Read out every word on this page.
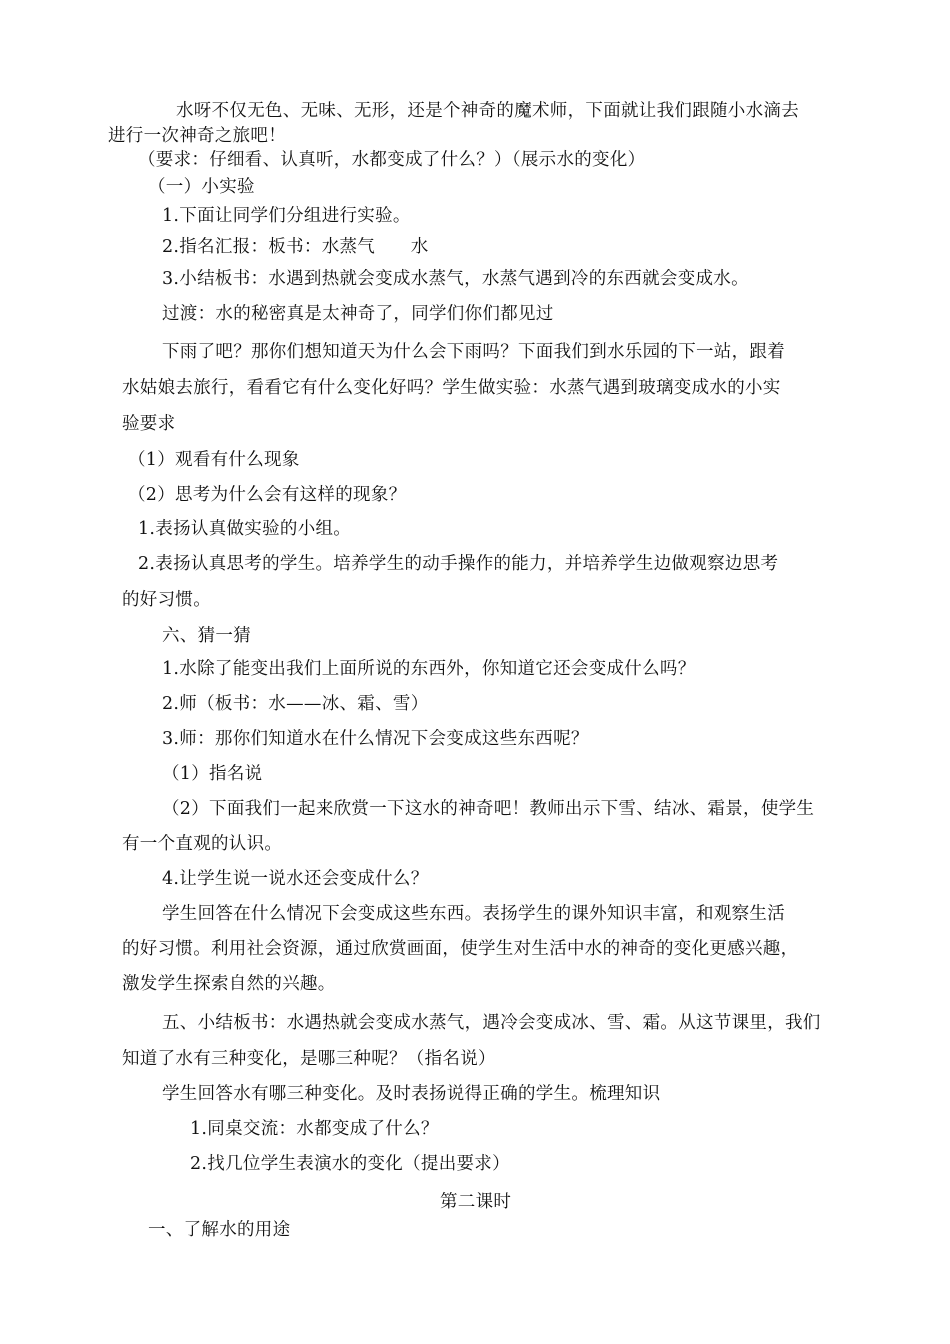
水呀不仅无色、无味、无形，还是个神奇的魔术师，下面就让我们跟随小水滴去
进行一次神奇之旅吧！
（要求：仔细看、认真听，水都变成了什么？）（展示水的变化）
（一）小实验
1.下面让同学们分组进行实验。
2.指名汇报：板书：水蒸气　　水
3.小结板书：水遇到热就会变成水蒸气，水蒸气遇到冷的东西就会变成水。
过渡：水的秘密真是太神奇了，同学们你们都见过
下雨了吧？那你们想知道天为什么会下雨吗？下面我们到水乐园的下一站，跟着
水姑娘去旅行，看看它有什么变化好吗？学生做实验：水蒸气遇到玻璃变成水的小实
验要求
（1）观看有什么现象
（2）思考为什么会有这样的现象？
1.表扬认真做实验的小组。
2.表扬认真思考的学生。培养学生的动手操作的能力，并培养学生边做观察边思考
的好习惯。
六、猜一猜
1.水除了能变出我们上面所说的东西外，你知道它还会变成什么吗？
2.师（板书：水——冰、霜、雪）
3.师：那你们知道水在什么情况下会变成这些东西呢？
（1）指名说
（2）下面我们一起来欣赏一下这水的神奇吧！教师出示下雪、结冰、霜景，使学生
有一个直观的认识。
4.让学生说一说水还会变成什么？
学生回答在什么情况下会变成这些东西。表扬学生的课外知识丰富，和观察生活
的好习惯。利用社会资源，通过欣赏画面，使学生对生活中水的神奇的变化更感兴趣，
激发学生探索自然的兴趣。
五、小结板书：水遇热就会变成水蒸气，遇冷会变成冰、雪、霜。从这节课里，我们
知道了水有三种变化，是哪三种呢？（指名说）
学生回答水有哪三种变化。及时表扬说得正确的学生。梳理知识
1.同桌交流：水都变成了什么？
2.找几位学生表演水的变化（提出要求）
第二课时
一、了解水的用途
